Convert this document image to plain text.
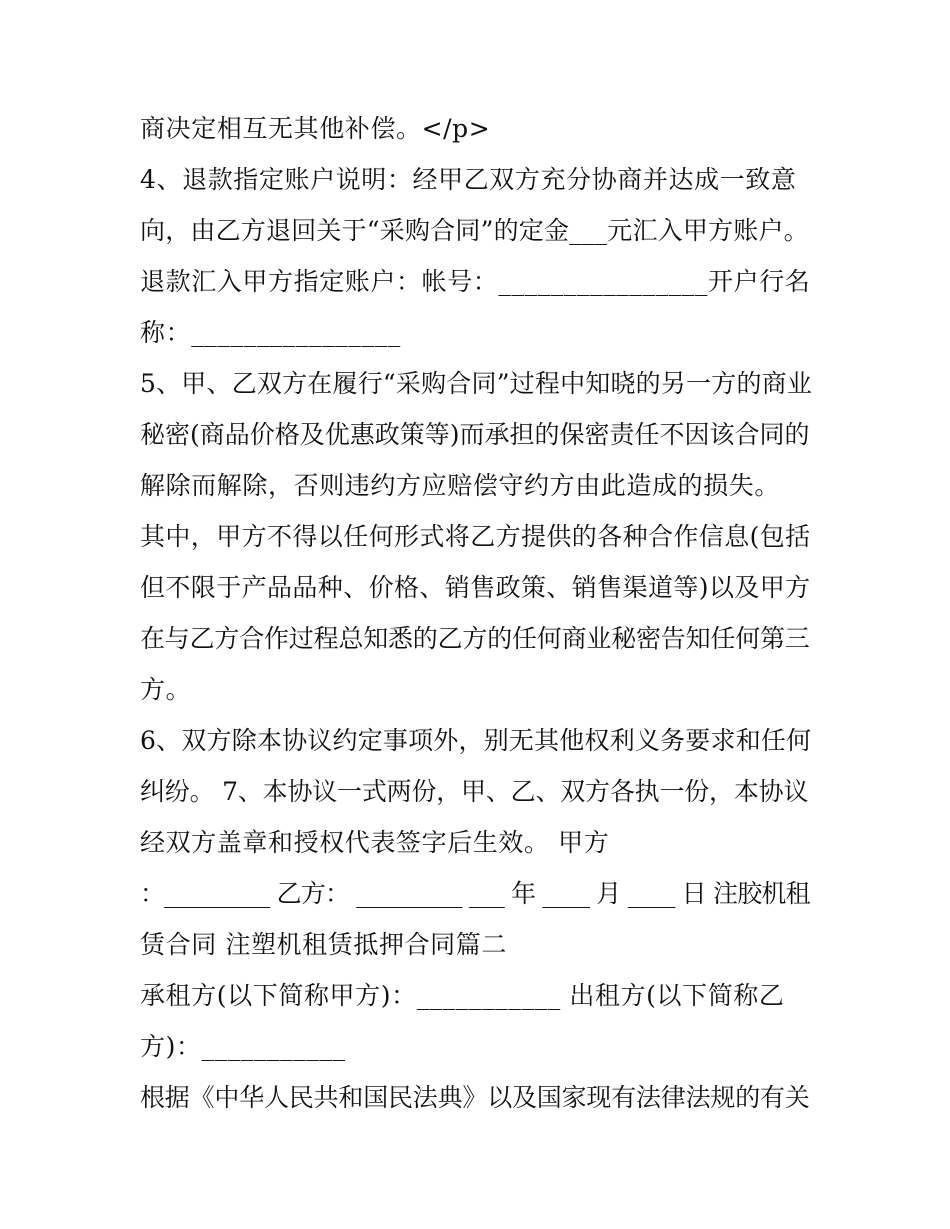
商决定相互无其他补偿。</p>
4、退款指定账户说明：经甲乙双方充分协商并达成一致意
向，由乙方退回关于“采购合同”的定金___元汇入甲方账户。
退款汇入甲方指定账户：帐号：________________开户行名
称：________________
5、甲、乙双方在履行“采购合同”过程中知晓的另一方的商业
秘密(商品价格及优惠政策等)而承担的保密责任不因该合同的
解除而解除，否则违约方应赔偿守约方由此造成的损失。
其中，甲方不得以任何形式将乙方提供的各种合作信息(包括
但不限于产品品种、价格、销售政策、销售渠道等)以及甲方
在与乙方合作过程总知悉的乙方的任何商业秘密告知任何第三
方。
6、双方除本协议约定事项外，别无其他权利义务要求和任何
纠纷。 7、本协议一式两份，甲、乙、双方各执一份，本协议
经双方盖章和授权代表签字后生效。 甲方
：_________ 乙方： _________ ___ 年 ____ 月 ____ 日 注胶机租
赁合同 注塑机租赁抵押合同篇二
承租方(以下简称甲方)：___________ 出租方(以下简称乙
方)：___________
根据《中华人民共和国民法典》以及国家现有法律法规的有关
